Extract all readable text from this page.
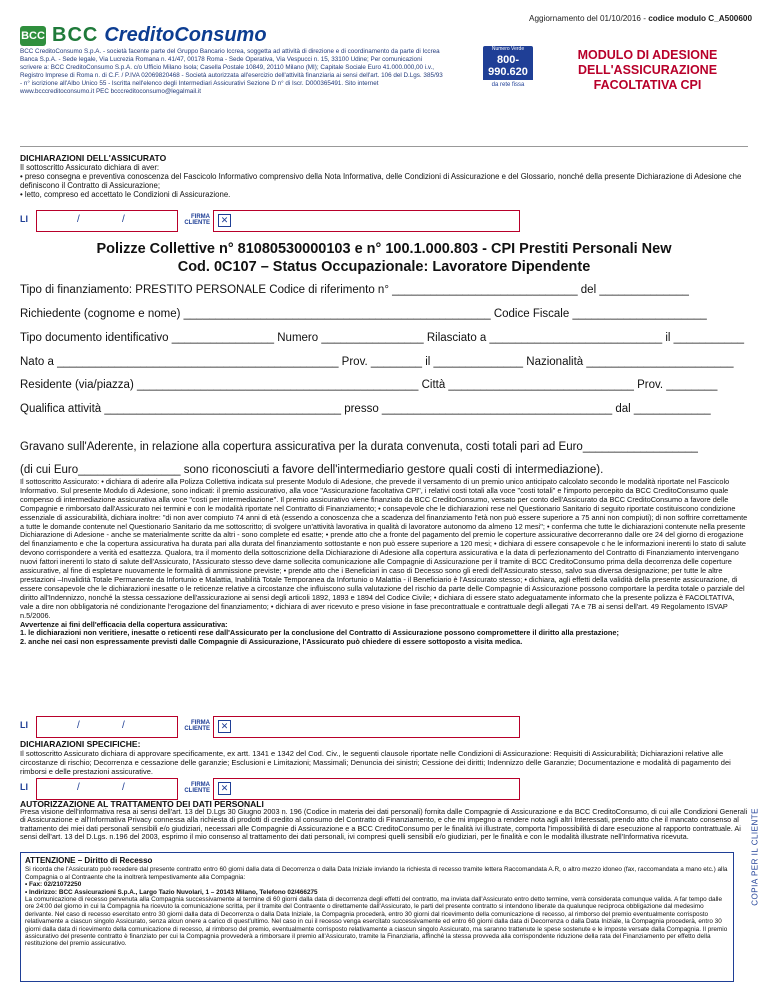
Aggiornamento del 01/10/2016 - codice modulo C_A500600
BCC BCC CreditoConsumo
BCC CreditoConsumo S.p.A. - società facente parte del Gruppo Bancario Iccrea, soggetta ad attività di direzione e di coordinamento da parte di Iccrea Banca S.p.A. - Sede legale, Via Lucrezia Romana n. 41/47, 00178 Roma - Sede Operativa, Via Vespucci n. 15, 33100 Udine; Per comunicazioni scrivere a: BCC CreditoConsumo S.p.A. c/o Ufficio Milano Isola; Casella Postale 10849, 20110 Milano (MI); Capitale Sociale Euro 41.000.000,00 i.v., Registro Imprese di Roma n. di C.F. / P.IVA 02069820468 - Società autorizzata all'esercizio dell'attività finanziaria ai sensi dell'art. 106 del D.Lgs. 385/93 - n° iscrizione all'Albo Unico 55 - Iscritta nell'elenco degli Intermediari Assicurativi Sezione D n° di Iscr. D000365491. Sito internet www.bcccreditoconsumo.it PEC bcccreditoconsumo@legalmail.it
Numero Verde
800-990.620
da rete fissa
MODULO DI ADESIONE DELL'ASSICURAZIONE FACOLTATIVA CPI
DICHIARAZIONI DELL'ASSICURATO

Il sottoscritto Assicurato dichiara di aver:

• preso consegna e preventiva conoscenza del Fascicolo Informativo comprensivo della Nota Informativa, delle Condizioni di Assicurazione e del Glossario, nonché della presente Dichiarazione di Adesione che definiscono il Contratto di Assicurazione;

• letto, compreso ed accettato le Condizioni di Assicurazione.

LI	/	/	FIRMA CLIENTE	✕
Polizze Collettive n° 81080530000103 e n° 100.1.000.803 - CPI Prestiti Personali New
Cod. 0C107 – Status Occupazionale: Lavoratore Dipendente
Tipo di finanziamento: PRESTITO PERSONALE Codice di riferimento n° _____________________________ del ______________
Richiedente (cognome e nome) ________________________________________________ Codice Fiscale _____________________
Tipo documento identificativo ________________ Numero ________________ Rilasciato a ___________________________ il ___________
Nato a ____________________________________________ Prov. ________ il ______________ Nazionalità _______________________
Residente (via/piazza) ____________________________________________ Città _____________________________ Prov. ________
Qualifica attività _____________________________________ presso ____________________________________ dal ____________
Gravano sull'Aderente, in relazione alla copertura assicurativa per la durata convenuta, costi totali pari ad Euro__________________
(di cui Euro________________ sono riconosciuti a favore dell'intermediario gestore quali costi di intermediazione).

Il sottoscritto Assicurato: • dichiara di aderire alla Polizza Collettiva indicata sul presente Modulo di Adesione, che prevede il versamento di un premio unico anticipato calcolato secondo le modalità riportate nel Fascicolo Informativo. Sul presente Modulo di Adesione, sono indicati: il premio assicurativo, alla voce "Assicurazione facoltativa CPI", i relativi costi totali alla voce "costi totali" e l'importo percepito da BCC CreditoConsumo quale compenso di intermediazione assicurativa alla voce "costi per intermediazione". Il premio assicurativo viene finanziato da BCC CreditoConsumo, versato per conto dell'Assicurato da BCC CreditoConsumo a favore delle Compagnie e rimborsato dall'Assicurato nei termini e con le modalità riportate nel Contratto di Finanziamento; • consapevole che le dichiarazioni rese nel Questionario Sanitario di seguito riportate costituiscono condizione essenziale di assicurabilità, dichiara inoltre: "di non aver compiuto 74 anni di età (essendo a conoscenza che a scadenza del finanziamento l'età non può essere superiore a 75 anni non compiuti); di non soffrire correttamente a tutte le domande contenute nel Questionario Sanitario da me sottoscritto; di svolgere un'attività lavorativa in qualità di lavoratore autonomo da almeno 12 mesi"; • conferma che tutte le dichiarazioni contenute nella presente Dichiarazione di Adesione - anche se materialmente scritte da altri - sono complete ed esatte; • prende atto che a fronte del pagamento del premio le coperture assicurative decorreranno dalle ore 24 del giorno di erogazione del finanziamento e che la copertura assicurativa ha durata pari alla durata del finanziamento sottostante e non può essere superiore a 120 mesi; • dichiara di essere consapevole c he le informazioni inerenti lo stato di salute devono corrispondere a verità ed esattezza. Qualora, tra il momento della sottoscrizione della Dichiarazione di Adesione alla copertura assicurativa e la data di perfezionamento del Contratto di Finanziamento intervengano nuovi fattori inerenti lo stato di salute dell'Assicurato, l'Assicurato stesso deve darne sollecita comunicazione alle Compagnie di Assicurazione per il tramite di BCC CreditoConsumo prima della decorrenza delle coperture assicurative, al fine di espletare nuovamente le formalità di ammissione previste; • prende atto che i Beneficiari in caso di Decesso sono gli eredi dell'Assicurato stesso, salvo sua diversa designazione; per tutte le altre prestazioni –Invalidità Totale Permanente da Infortunio e Malattia, Inabilità Totale Temporanea da Infortunio o Malattia - il Beneficiario è l'Assicurato stesso; • dichiara, agli effetti della validità della presente assicurazione, di essere consapevole che le dichiarazioni inesatte o le reticenze relative a circostanze che influiscono sulla valutazione del rischio da parte delle Compagnie di Assicurazione possono comportare la perdita totale o parziale del diritto all'Indennizzo, nonché la stessa cessazione dell'assicurazione ai sensi degli articoli 1892, 1893 e 1894 del Codice Civile; • dichiara di essere stato adeguatamente informato che la presente polizza è FACOLTATIVA, vale a dire non obbligatoria né condizionante l'erogazione del finanziamento; • dichiara di aver ricevuto e preso visione in fase precontrattuale e contrattuale degli allegati 7A e 7B ai sensi dell'art. 49 Regolamento ISVAP n.5/2006.

Avvertenze ai fini dell'efficacia della copertura assicurativa:

1. le dichiarazioni non veritiere, inesatte o reticenti rese dall'Assicurato per la conclusione del Contratto di Assicurazione possono compromettere il diritto alla prestazione;

2. anche nei casi non espressamente previsti dalle Compagnie di Assicurazione, l'Assicurato può chiedere di essere sottoposto a visita medica.

LI	/	/	FIRMA CLIENTE	✕
DICHIARAZIONI SPECIFICHE:
Il sottoscritto Assicurato dichiara di approvare specificamente, ex artt. 1341 e 1342 del Cod. Civ., le seguenti clausole riportate nelle Condizioni di Assicurazione: Requisiti di Assicurabilità; Dichiarazioni relative alle circostanze di rischio; Decorrenza e cessazione delle garanzie; Esclusioni e Limitazioni; Massimali; Denuncia dei sinistri; Cessione dei diritti; Indennizzo delle Garanzie; Documentazione e modalità di pagamento dei rimborsi e delle prestazioni assicurative.
LI	/	/	FIRMA CLIENTE	✕
AUTORIZZAZIONE AL TRATTAMENTO DEI DATI PERSONALI
Presa visione dell'informativa resa ai sensi dell'art. 13 del D.Lgs 30 Giugno 2003 n. 196 (Codice in materia dei dati personali) fornita dalle Compagnie di Assicurazione e da BCC CreditoConsumo, di cui alle Condizioni Generali di Assicurazione e all'Informativa Privacy connessa alla richiesta di prodotti di credito al consumo del Contratto di Finanziamento, e che mi impegno a rendere nota agli altri Interessati, prendo atto che il mancato consenso al trattamento dei miei dati personali sensibili e/o giudiziari, necessari alle Compagnie di Assicurazione e a BCC CreditoConsumo per le finalità ivi illustrate, comporta l'impossibilità di dare esecuzione al rapporto contrattuale. Ai sensi dell'art. 13 del D.Lgs. n.196 del 2003, esprimo il mio consenso al trattamento dei dati personali, ivi compresi quelli sensibili e/o giudiziari, per le finalità e con le modalità illustrate nell'Informativa ricevuta.
ATTENZIONE – Diritto di Recesso

Si ricorda che l'Assicurato può recedere dal presente contratto entro 60 giorni dalla data di Decorrenza o dalla Data Iniziale inviando la richiesta di recesso tramite lettera Raccomandata A.R, o altro mezzo idoneo (fax, raccomandata a mano etc.) alla Compagnia o al Contraente che la inoltrerà tempestivamente alla Compagnia:

• Fax: 02/21072250

• Indirizzo: BCC Assicurazioni S.p.A., Largo Tazio Nuvolari, 1 – 20143 Milano, Telefono 02/466275

La comunicazione di recesso pervenuta alla Compagnia successivamente al termine di 60 giorni dalla data di decorrenza degli effetti del contratto, ma inviata dall'Assicurato entro detto termine, verrà considerata comunque valida. A far tempo dalle ore 24:00 del giorno in cui la Compagnia ha ricevuto la comunicazione scritta, per il tramite del Contraente o direttamente dall'Assicurato, le parti del presente contratto si intendono liberate da qualunque reciproca obbligazione dal medesimo derivante. Nel caso di recesso esercitato entro 30 giorni dalla data di Decorrenza o dalla Data Iniziale, la Compagnia procederà, entro 30 giorni dal ricevimento della comunicazione di recesso, al rimborso del premio eventualmente corrisposto relativamente a ciascun singolo Assicurato, senza alcun onere a carico di quest'ultimo. Nel caso in cui il recesso venga esercitato successivamente ed entro 60 giorni dalla data di Decorrenza o dalla Data Iniziale, la Compagnia procederà, entro 30 giorni dalla data di ricevimento della comunicazione di recesso, al rimborso del premio, eventualmente corrisposto relativamente a ciascun singolo Assicurato, ma saranno trattenute le spese sostenute e le imposte versate dalla Compagnia. Il premio assicurativo del presente contratto è finanziato per cui la Compagnia provvederà a rimborsare il premio all'Assicurato, tramite la Finanziaria, affinché la stessa provveda alla corrispondente riduzione della rata del Finanziamento per effetto della restituzione del premio assicurativo.

COPIA PER IL CLIENTE
